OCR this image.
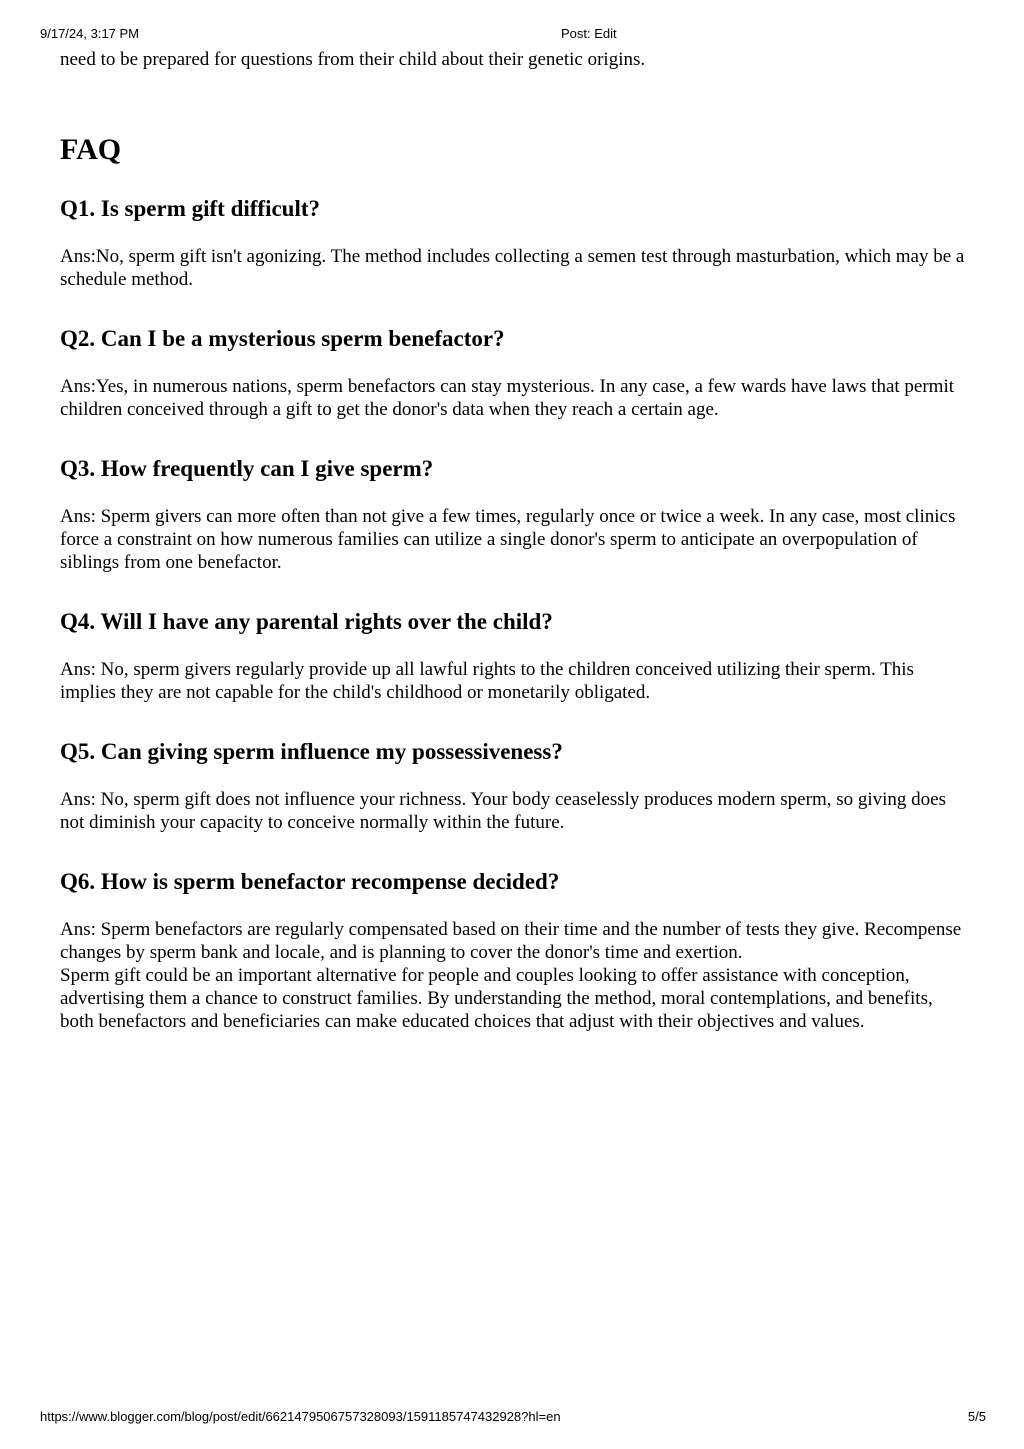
9/17/24, 3:17 PM	Post: Edit

need to be prepared for questions from their child about their genetic origins.

FAQ
Q1. Is sperm gift difficult?

Ans:No, sperm gift isn't agonizing. The method includes collecting a semen test through masturbation, which may be a schedule method.

Q2. Can I be a mysterious sperm benefactor?

Ans:Yes, in numerous nations, sperm benefactors can stay mysterious. In any case, a few wards have laws that permit children conceived through a gift to get the donor's data when they reach a certain age.

Q3. How frequently can I give sperm?

Ans: Sperm givers can more often than not give a few times, regularly once or twice a week. In any case, most clinics force a constraint on how numerous families can utilize a single donor's sperm to anticipate an overpopulation of siblings from one benefactor.

Q4. Will I have any parental rights over the child?

Ans: No, sperm givers regularly provide up all lawful rights to the children conceived utilizing their sperm. This implies they are not capable for the child's childhood or monetarily obligated.

Q5. Can giving sperm influence my possessiveness?

Ans: No, sperm gift does not influence your richness. Your body ceaselessly produces modern sperm, so giving does not diminish your capacity to conceive normally within the future.

Q6. How is sperm benefactor recompense decided?

Ans: Sperm benefactors are regularly compensated based on their time and the number of tests they give. Recompense changes by sperm bank and locale, and is planning to cover the donor's time and exertion.

Sperm gift could be an important alternative for people and couples looking to offer assistance with conception, advertising them a chance to construct families. By understanding the method, moral contemplations, and benefits, both benefactors and beneficiaries can make educated choices that adjust with their objectives and values.

https://www.blogger.com/blog/post/edit/6621479506757328093/1591185747432928?hl=en	5/5
